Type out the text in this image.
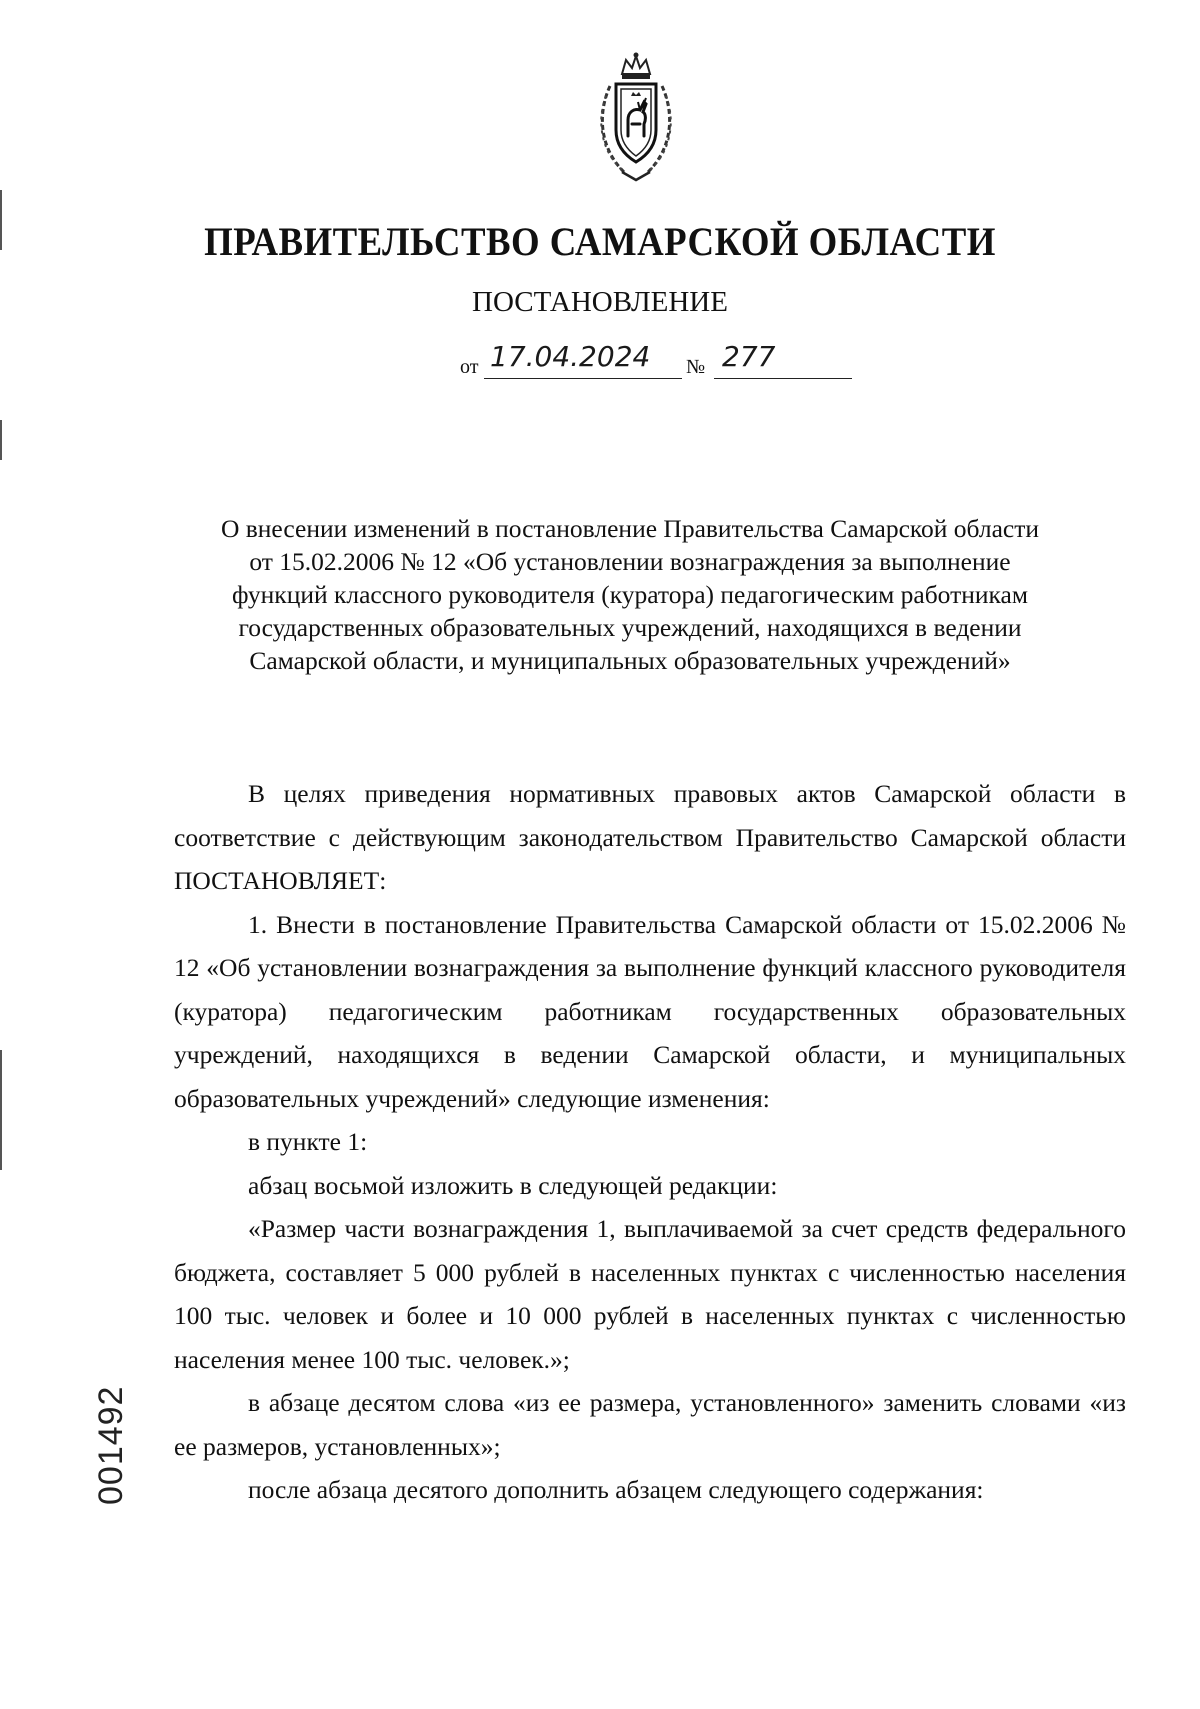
ПРАВИТЕЛЬСТВО САМАРСКОЙ ОБЛАСТИ
ПОСТАНОВЛЕНИЕ
от 17.04.2024 № 277
О внесении изменений в постановление Правительства Самарской области
от 15.02.2006 № 12 «Об установлении вознаграждения за выполнение
функций классного руководителя (куратора) педагогическим работникам
государственных образовательных учреждений, находящихся в ведении
Самарской области, и муниципальных образовательных учреждений»

В целях приведения нормативных правовых актов Самарской области в соответствие с действующим законодательством Правительство Самарской области ПОСТАНОВЛЯЕТ:

1. Внести в постановление Правительства Самарской области от 15.02.2006 № 12 «Об установлении вознаграждения за выполнение функций классного руководителя (куратора) педагогическим работникам государственных образовательных учреждений, находящихся в ведении Самарской области, и муниципальных образовательных учреждений» следующие изменения:

в пункте 1:

абзац восьмой изложить в следующей редакции:

«Размер части вознаграждения 1, выплачиваемой за счет средств федерального бюджета, составляет 5 000 рублей в населенных пунктах с численностью населения 100 тыс. человек и более и 10 000 рублей в населенных пунктах с численностью населения менее 100 тыс. человек.»;

в абзаце десятом слова «из ее размера, установленного» заменить словами «из ее размеров, установленных»;

после абзаца десятого дополнить абзацем следующего содержания:

001492
